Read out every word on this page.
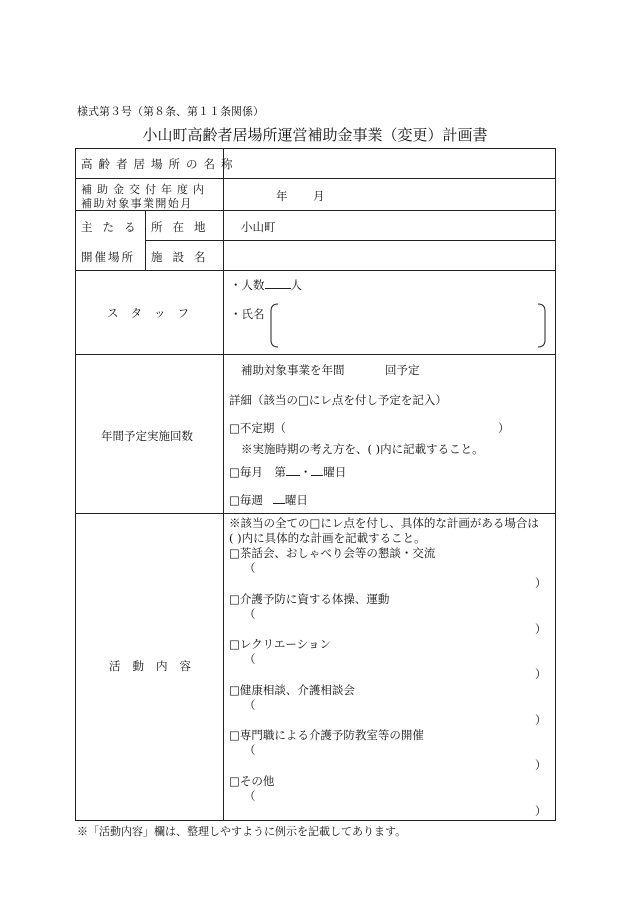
様式第３号（第８条、第１１条関係）
小山町高齢者居場所運営補助金事業（変更）計画書
高齢者居場所の名称
補助金交付年度内
補助対象事業開始月
年 月
主たる
開催場所
所在地
施設名
小山町
スタッフ
・人数 人
・氏名
年間予定実施回数
補助対象事業を年間	回予定
詳細（該当の□にレ点を付し予定を記入）
□不定期（	）
※実施時期の考え方を、( )内に記載すること。
□毎月　第 ・ 曜日
□毎週 曜日
活動内容
※該当の全ての□にレ点を付し、具体的な計画がある場合は
( )内に具体的な計画を記載すること。
□茶話会、おしゃべり会等の懇談・交流
（
）
□介護予防に資する体操、運動
（
）
□レクリエーション
（
）
□健康相談、介護相談会
（
）
□専門職による介護予防教室等の開催
（
）
□その他
（
）
※「活動内容」欄は、整理しやすように例示を記載してあります。
